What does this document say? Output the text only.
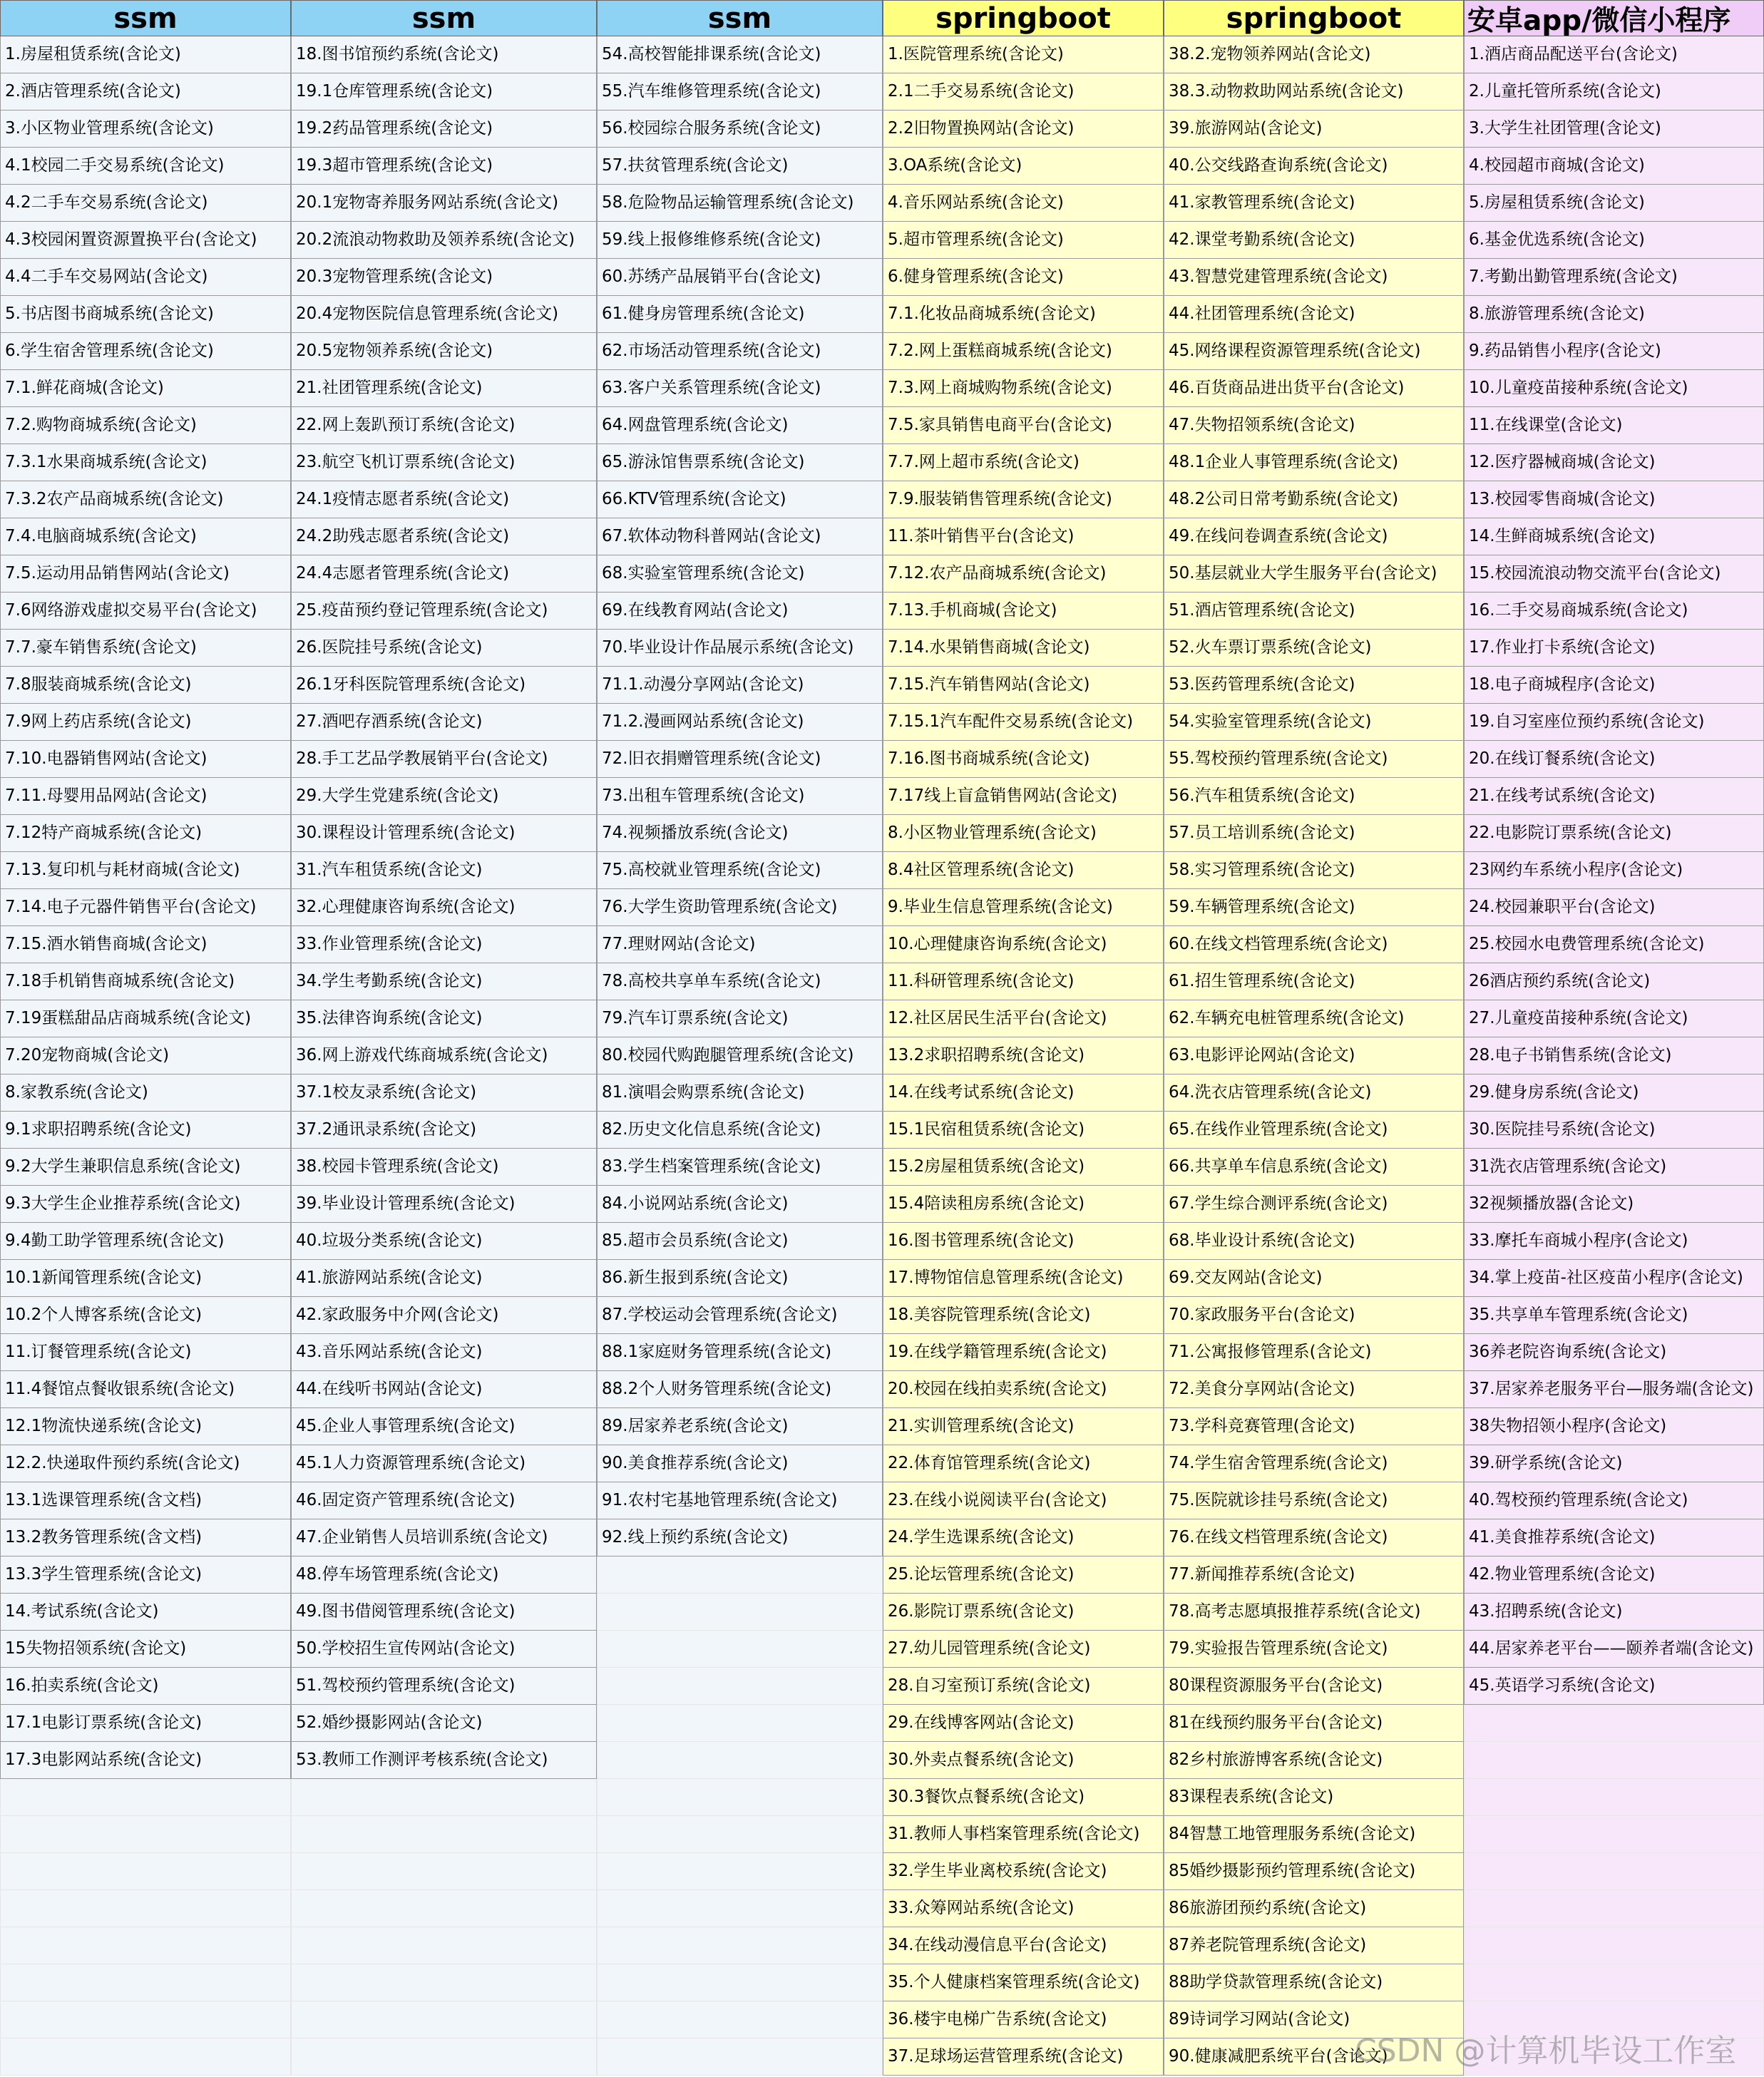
ssm
1.房屋租赁系统(含论文)
2.酒店管理系统(含论文)
3.小区物业管理系统(含论文)
4.1校园二手交易系统(含论文)
4.2二手车交易系统(含论文)
4.3校园闲置资源置换平台(含论文)
4.4二手车交易网站(含论文)
5.书店图书商城系统(含论文)
6.学生宿舍管理系统(含论文)
7.1.鲜花商城(含论文)
7.2.购物商城系统(含论文)
7.3.1水果商城系统(含论文)
7.3.2农产品商城系统(含论文)
7.4.电脑商城系统(含论文)
7.5.运动用品销售网站(含论文)
7.6网络游戏虚拟交易平台(含论文)
7.7.豪车销售系统(含论文)
7.8服装商城系统(含论文)
7.9网上药店系统(含论文)
7.10.电器销售网站(含论文)
7.11.母婴用品网站(含论文)
7.12特产商城系统(含论文)
7.13.复印机与耗材商城(含论文)
7.14.电子元器件销售平台(含论文)
7.15.酒水销售商城(含论文)
7.18手机销售商城系统(含论文)
7.19蛋糕甜品店商城系统(含论文)
7.20宠物商城(含论文)
8.家教系统(含论文)
9.1求职招聘系统(含论文)
9.2大学生兼职信息系统(含论文)
9.3大学生企业推荐系统(含论文)
9.4勤工助学管理系统(含论文)
10.1新闻管理系统(含论文)
10.2个人博客系统(含论文)
11.订餐管理系统(含论文)
11.4餐馆点餐收银系统(含论文)
12.1物流快递系统(含论文)
12.2.快递取件预约系统(含论文)
13.1选课管理系统(含文档)
13.2教务管理系统(含文档)
13.3学生管理系统(含论文)
14.考试系统(含论文)
15失物招领系统(含论文)
16.拍卖系统(含论文)
17.1电影订票系统(含论文)
17.3电影网站系统(含论文)
ssm
18.图书馆预约系统(含论文)
19.1仓库管理系统(含论文)
19.2药品管理系统(含论文)
19.3超市管理系统(含论文)
20.1宠物寄养服务网站系统(含论文)
20.2流浪动物救助及领养系统(含论文)
20.3宠物管理系统(含论文)
20.4宠物医院信息管理系统(含论文)
20.5宠物领养系统(含论文)
21.社团管理系统(含论文)
22.网上轰趴预订系统(含论文)
23.航空飞机订票系统(含论文)
24.1疫情志愿者系统(含论文)
24.2助残志愿者系统(含论文)
24.4志愿者管理系统(含论文)
25.疫苗预约登记管理系统(含论文)
26.医院挂号系统(含论文)
26.1牙科医院管理系统(含论文)
27.酒吧存酒系统(含论文)
28.手工艺品学教展销平台(含论文)
29.大学生党建系统(含论文)
30.课程设计管理系统(含论文)
31.汽车租赁系统(含论文)
32.心理健康咨询系统(含论文)
33.作业管理系统(含论文)
34.学生考勤系统(含论文)
35.法律咨询系统(含论文)
36.网上游戏代练商城系统(含论文)
37.1校友录系统(含论文)
37.2通讯录系统(含论文)
38.校园卡管理系统(含论文)
39.毕业设计管理系统(含论文)
40.垃圾分类系统(含论文)
41.旅游网站系统(含论文)
42.家政服务中介网(含论文)
43.音乐网站系统(含论文)
44.在线听书网站(含论文)
45.企业人事管理系统(含论文)
45.1人力资源管理系统(含论文)
46.固定资产管理系统(含论文)
47.企业销售人员培训系统(含论文)
48.停车场管理系统(含论文)
49.图书借阅管理系统(含论文)
50.学校招生宣传网站(含论文)
51.驾校预约管理系统(含论文)
52.婚纱摄影网站(含论文)
53.教师工作测评考核系统(含论文)
ssm
54.高校智能排课系统(含论文)
55.汽车维修管理系统(含论文)
56.校园综合服务系统(含论文)
57.扶贫管理系统(含论文)
58.危险物品运输管理系统(含论文)
59.线上报修维修系统(含论文)
60.苏绣产品展销平台(含论文)
61.健身房管理系统(含论文)
62.市场活动管理系统(含论文)
63.客户关系管理系统(含论文)
64.网盘管理系统(含论文)
65.游泳馆售票系统(含论文)
66.KTV管理系统(含论文)
67.软体动物科普网站(含论文)
68.实验室管理系统(含论文)
69.在线教育网站(含论文)
70.毕业设计作品展示系统(含论文)
71.1.动漫分享网站(含论文)
71.2.漫画网站系统(含论文)
72.旧衣捐赠管理系统(含论文)
73.出租车管理系统(含论文)
74.视频播放系统(含论文)
75.高校就业管理系统(含论文)
76.大学生资助管理系统(含论文)
77.理财网站(含论文)
78.高校共享单车系统(含论文)
79.汽车订票系统(含论文)
80.校园代购跑腿管理系统(含论文)
81.演唱会购票系统(含论文)
82.历史文化信息系统(含论文)
83.学生档案管理系统(含论文)
84.小说网站系统(含论文)
85.超市会员系统(含论文)
86.新生报到系统(含论文)
87.学校运动会管理系统(含论文)
88.1家庭财务管理系统(含论文)
88.2个人财务管理系统(含论文)
89.居家养老系统(含论文)
90.美食推荐系统(含论文)
91.农村宅基地管理系统(含论文)
92.线上预约系统(含论文)
springboot
1.医院管理系统(含论文)
2.1二手交易系统(含论文)
2.2旧物置换网站(含论文)
3.OA系统(含论文)
4.音乐网站系统(含论文)
5.超市管理系统(含论文)
6.健身管理系统(含论文)
7.1.化妆品商城系统(含论文)
7.2.网上蛋糕商城系统(含论文)
7.3.网上商城购物系统(含论文)
7.5.家具销售电商平台(含论文)
7.7.网上超市系统(含论文)
7.9.服装销售管理系统(含论文)
11.茶叶销售平台(含论文)
7.12.农产品商城系统(含论文)
7.13.手机商城(含论文)
7.14.水果销售商城(含论文)
7.15.汽车销售网站(含论文)
7.15.1汽车配件交易系统(含论文)
7.16.图书商城系统(含论文)
7.17线上盲盒销售网站(含论文)
8.小区物业管理系统(含论文)
8.4社区管理系统(含论文)
9.毕业生信息管理系统(含论文)
10.心理健康咨询系统(含论文)
11.科研管理系统(含论文)
12.社区居民生活平台(含论文)
13.2求职招聘系统(含论文)
14.在线考试系统(含论文)
15.1民宿租赁系统(含论文)
15.2房屋租赁系统(含论文)
15.4陪读租房系统(含论文)
16.图书管理系统(含论文)
17.博物馆信息管理系统(含论文)
18.美容院管理系统(含论文)
19.在线学籍管理系统(含论文)
20.校园在线拍卖系统(含论文)
21.实训管理系统(含论文)
22.体育馆管理系统(含论文)
23.在线小说阅读平台(含论文)
24.学生选课系统(含论文)
25.论坛管理系统(含论文)
26.影院订票系统(含论文)
27.幼儿园管理系统(含论文)
28.自习室预订系统(含论文)
29.在线博客网站(含论文)
30.外卖点餐系统(含论文)
30.3餐饮点餐系统(含论文)
31.教师人事档案管理系统(含论文)
32.学生毕业离校系统(含论文)
33.众筹网站系统(含论文)
34.在线动漫信息平台(含论文)
35.个人健康档案管理系统(含论文)
36.楼宇电梯广告系统(含论文)
37.足球场运营管理系统(含论文)
springboot
38.2.宠物领养网站(含论文)
38.3.动物救助网站系统(含论文)
39.旅游网站(含论文)
40.公交线路查询系统(含论文)
41.家教管理系统(含论文)
42.课堂考勤系统(含论文)
43.智慧党建管理系统(含论文)
44.社团管理系统(含论文)
45.网络课程资源管理系统(含论文)
46.百货商品进出货平台(含论文)
47.失物招领系统(含论文)
48.1企业人事管理系统(含论文)
48.2公司日常考勤系统(含论文)
49.在线问卷调查系统(含论文)
50.基层就业大学生服务平台(含论文)
51.酒店管理系统(含论文)
52.火车票订票系统(含论文)
53.医药管理系统(含论文)
54.实验室管理系统(含论文)
55.驾校预约管理系统(含论文)
56.汽车租赁系统(含论文)
57.员工培训系统(含论文)
58.实习管理系统(含论文)
59.车辆管理系统(含论文)
60.在线文档管理系统(含论文)
61.招生管理系统(含论文)
62.车辆充电桩管理系统(含论文)
63.电影评论网站(含论文)
64.洗衣店管理系统(含论文)
65.在线作业管理系统(含论文)
66.共享单车信息系统(含论文)
67.学生综合测评系统(含论文)
68.毕业设计系统(含论文)
69.交友网站(含论文)
70.家政服务平台(含论文)
71.公寓报修管理系(含论文)
72.美食分享网站(含论文)
73.学科竞赛管理(含论文)
74.学生宿舍管理系统(含论文)
75.医院就诊挂号系统(含论文)
76.在线文档管理系统(含论文)
77.新闻推荐系统(含论文)
78.高考志愿填报推荐系统(含论文)
79.实验报告管理系统(含论文)
80课程资源服务平台(含论文)
81在线预约服务平台(含论文)
82乡村旅游博客系统(含论文)
83课程表系统(含论文)
84智慧工地管理服务系统(含论文)
85婚纱摄影预约管理系统(含论文)
86旅游团预约系统(含论文)
87养老院管理系统(含论文)
88助学贷款管理系统(含论文)
89诗词学习网站(含论文)
90.健康减肥系统平台(含论文)
安卓app/微信小程序
1.酒店商品配送平台(含论文)
2.儿童托管所系统(含论文)
3.大学生社团管理(含论文)
4.校园超市商城(含论文)
5.房屋租赁系统(含论文)
6.基金优选系统(含论文)
7.考勤出勤管理系统(含论文)
8.旅游管理系统(含论文)
9.药品销售小程序(含论文)
10.儿童疫苗接种系统(含论文)
11.在线课堂(含论文)
12.医疗器械商城(含论文)
13.校园零售商城(含论文)
14.生鲜商城系统(含论文)
15.校园流浪动物交流平台(含论文)
16.二手交易商城系统(含论文)
17.作业打卡系统(含论文)
18.电子商城程序(含论文)
19.自习室座位预约系统(含论文)
20.在线订餐系统(含论文)
21.在线考试系统(含论文)
22.电影院订票系统(含论文)
23网约车系统小程序(含论文)
24.校园兼职平台(含论文)
25.校园水电费管理系统(含论文)
26酒店预约系统(含论文)
27.儿童疫苗接种系统(含论文)
28.电子书销售系统(含论文)
29.健身房系统(含论文)
30.医院挂号系统(含论文)
31洗衣店管理系统(含论文)
32视频播放器(含论文)
33.摩托车商城小程序(含论文)
34.掌上疫苗-社区疫苗小程序(含论文)
35.共享单车管理系统(含论文)
36养老院咨询系统(含论文)
37.居家养老服务平台—服务端(含论文)
38失物招领小程序(含论文)
39.研学系统(含论文)
40.驾校预约管理系统(含论文)
41.美食推荐系统(含论文)
42.物业管理系统(含论文)
43.招聘系统(含论文)
44.居家养老平台——颐养者端(含论文)
45.英语学习系统(含论文)
CSDN @计算机毕设工作室
